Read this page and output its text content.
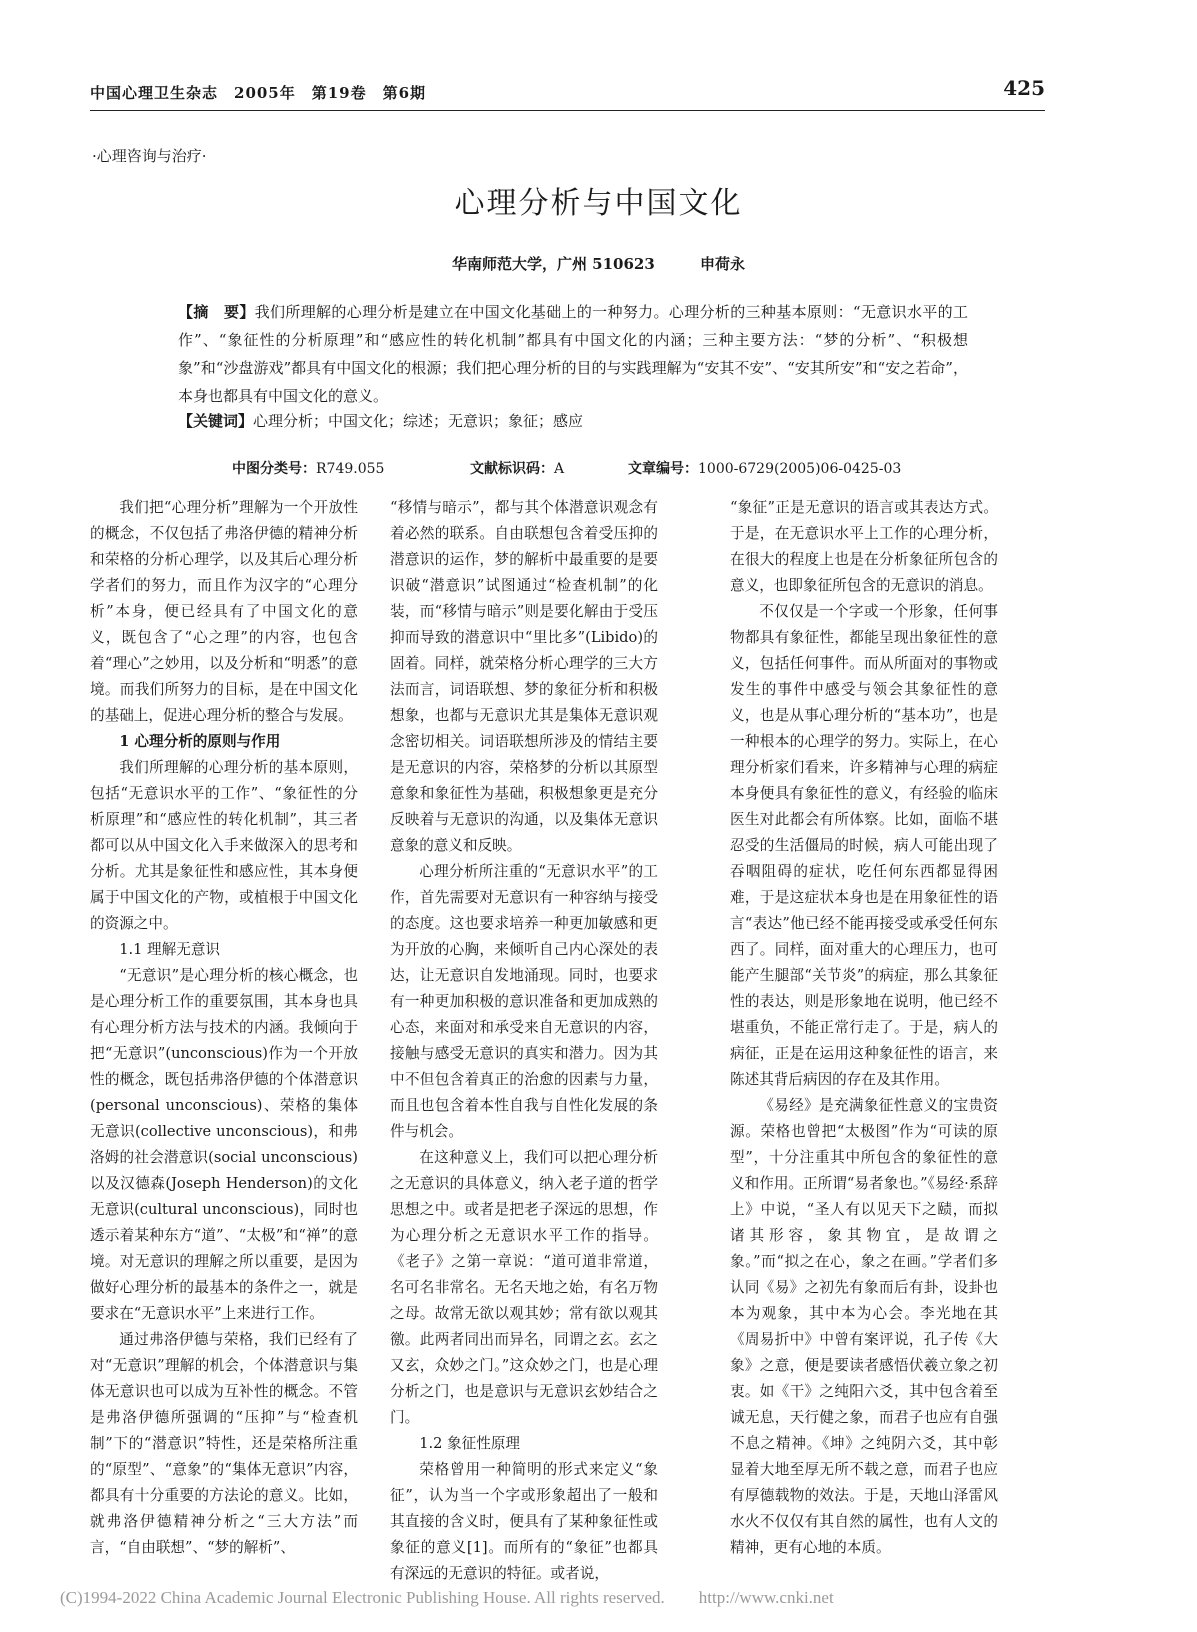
中国心理卫生杂志　2005年　第19卷　第6期	425
·心理咨询与治疗·
心理分析与中国文化
华南师范大学，广州 510623	申荷永
【摘　要】我们所理解的心理分析是建立在中国文化基础上的一种努力。心理分析的三种基本原则：“无意识水平的工作”、“象征性的分析原理”和“感应性的转化机制”都具有中国文化的内涵；三种主要方法：“梦的分析”、“积极想象”和“沙盘游戏”都具有中国文化的根源；我们把心理分析的目的与实践理解为“安其不安”、“安其所安”和“安之若命”，本身也都具有中国文化的意义。
【关键词】心理分析；中国文化；综述；无意识；象征；感应
中图分类号：R749.055	文献标识码：A	文章编号：1000-6729(2005)06-0425-03

我们把“心理分析”理解为一个开放性的概念，不仅包括了弗洛伊德的精神分析和荣格的分析心理学，以及其后心理分析学者们的努力，而且作为汉字的“心理分析”本身，便已经具有了中国文化的意义，既包含了“心之理”的内容，也包含着“理心”之妙用，以及分析和“明悉”的意境。而我们所努力的目标，是在中国文化的基础上，促进心理分析的整合与发展。

1 心理分析的原则与作用

我们所理解的心理分析的基本原则，包括“无意识水平的工作”、“象征性的分析原理”和“感应性的转化机制”，其三者都可以从中国文化入手来做深入的思考和分析。尤其是象征性和感应性，其本身便属于中国文化的产物，或植根于中国文化的资源之中。

1.1 理解无意识

“无意识”是心理分析的核心概念，也是心理分析工作的重要氛围，其本身也具有心理分析方法与技术的内涵。我倾向于把“无意识”(unconscious)作为一个开放性的概念，既包括弗洛伊德的个体潜意识(personal unconscious)、荣格的集体无意识(collective unconscious)，和弗洛姆的社会潜意识(social unconscious)以及汉德森(Joseph Henderson)的文化无意识(cultural unconscious)，同时也透示着某种东方“道”、“太极”和“禅”的意境。对无意识的理解之所以重要，是因为做好心理分析的最基本的条件之一，就是要求在“无意识水平”上来进行工作。

通过弗洛伊德与荣格，我们已经有了对“无意识”理解的机会，个体潜意识与集体无意识也可以成为互补性的概念。不管是弗洛伊德所强调的“压抑”与“检查机制”下的“潜意识”特性，还是荣格所注重的“原型”、“意象”的“集体无意识”内容，都具有十分重要的方法论的意义。比如，就弗洛伊德精神分析之“三大方法”而言，“自由联想”、“梦的解析”、

“移情与暗示”，都与其个体潜意识观念有着必然的联系。自由联想包含着受压抑的潜意识的运作，梦的解析中最重要的是要识破“潜意识”试图通过“检查机制”的化装，而“移情与暗示”则是要化解由于受压抑而导致的潜意识中“里比多”(Libido)的固着。同样，就荣格分析心理学的三大方法而言，词语联想、梦的象征分析和积极想象，也都与无意识尤其是集体无意识观念密切相关。词语联想所涉及的情结主要是无意识的内容，荣格梦的分析以其原型意象和象征性为基础，积极想象更是充分反映着与无意识的沟通，以及集体无意识意象的意义和反映。

心理分析所注重的“无意识水平”的工作，首先需要对无意识有一种容纳与接受的态度。这也要求培养一种更加敏感和更为开放的心胸，来倾听自己内心深处的表达，让无意识自发地涌现。同时，也要求有一种更加积极的意识准备和更加成熟的心态，来面对和承受来自无意识的内容，接触与感受无意识的真实和潜力。因为其中不但包含着真正的治愈的因素与力量，而且也包含着本性自我与自性化发展的条件与机会。

在这种意义上，我们可以把心理分析之无意识的具体意义，纳入老子道的哲学思想之中。或者是把老子深远的思想，作为心理分析之无意识水平工作的指导。《老子》之第一章说：“道可道非常道，名可名非常名。无名天地之始，有名万物之母。故常无欲以观其妙；常有欲以观其徼。此两者同出而异名，同谓之玄。玄之又玄，众妙之门。”这众妙之门，也是心理分析之门，也是意识与无意识玄妙结合之门。

1.2 象征性原理

荣格曾用一种简明的形式来定义“象征”，认为当一个字或形象超出了一般和其直接的含义时，便具有了某种象征性或象征的意义[1]。而所有的“象征”也都具有深远的无意识的特征。或者说，

“象征”正是无意识的语言或其表达方式。于是，在无意识水平上工作的心理分析，在很大的程度上也是在分析象征所包含的意义，也即象征所包含的无意识的消息。

不仅仅是一个字或一个形象，任何事物都具有象征性，都能呈现出象征性的意义，包括任何事件。而从所面对的事物或发生的事件中感受与领会其象征性的意义，也是从事心理分析的“基本功”，也是一种根本的心理学的努力。实际上，在心理分析家们看来，许多精神与心理的病症本身便具有象征性的意义，有经验的临床医生对此都会有所体察。比如，面临不堪忍受的生活僵局的时候，病人可能出现了吞咽阻碍的症状，吃任何东西都显得困难，于是这症状本身也是在用象征性的语言“表达”他已经不能再接受或承受任何东西了。同样，面对重大的心理压力，也可能产生腿部“关节炎”的病症，那么其象征性的表达，则是形象地在说明，他已经不堪重负，不能正常行走了。于是，病人的病征，正是在运用这种象征性的语言，来陈述其背后病因的存在及其作用。

《易经》是充满象征性意义的宝贵资源。荣格也曾把“太极图”作为“可读的原型”，十分注重其中所包含的象征性的意义和作用。正所谓“易者象也。”《易经·系辞上》中说，“圣人有以见天下之赜，而拟诸其形容，象其物宜，是故谓之象。”而“拟之在心，象之在画。”学者们多认同《易》之初先有象而后有卦，设卦也本为观象，其中本为心会。李光地在其《周易折中》中曾有案评说，孔子传《大象》之意，便是要读者感悟伏羲立象之初衷。如《干》之纯阳六爻，其中包含着至诚无息，天行健之象，而君子也应有自强不息之精神。《坤》之纯阴六爻，其中彰显着大地至厚无所不载之意，而君子也应有厚德载物的效法。于是，天地山泽雷风水火不仅仅有其自然的属性，也有人文的精神，更有心地的本质。

(C)1994-2022 China Academic Journal Electronic Publishing House. All rights reserved.　　http://www.cnki.net
